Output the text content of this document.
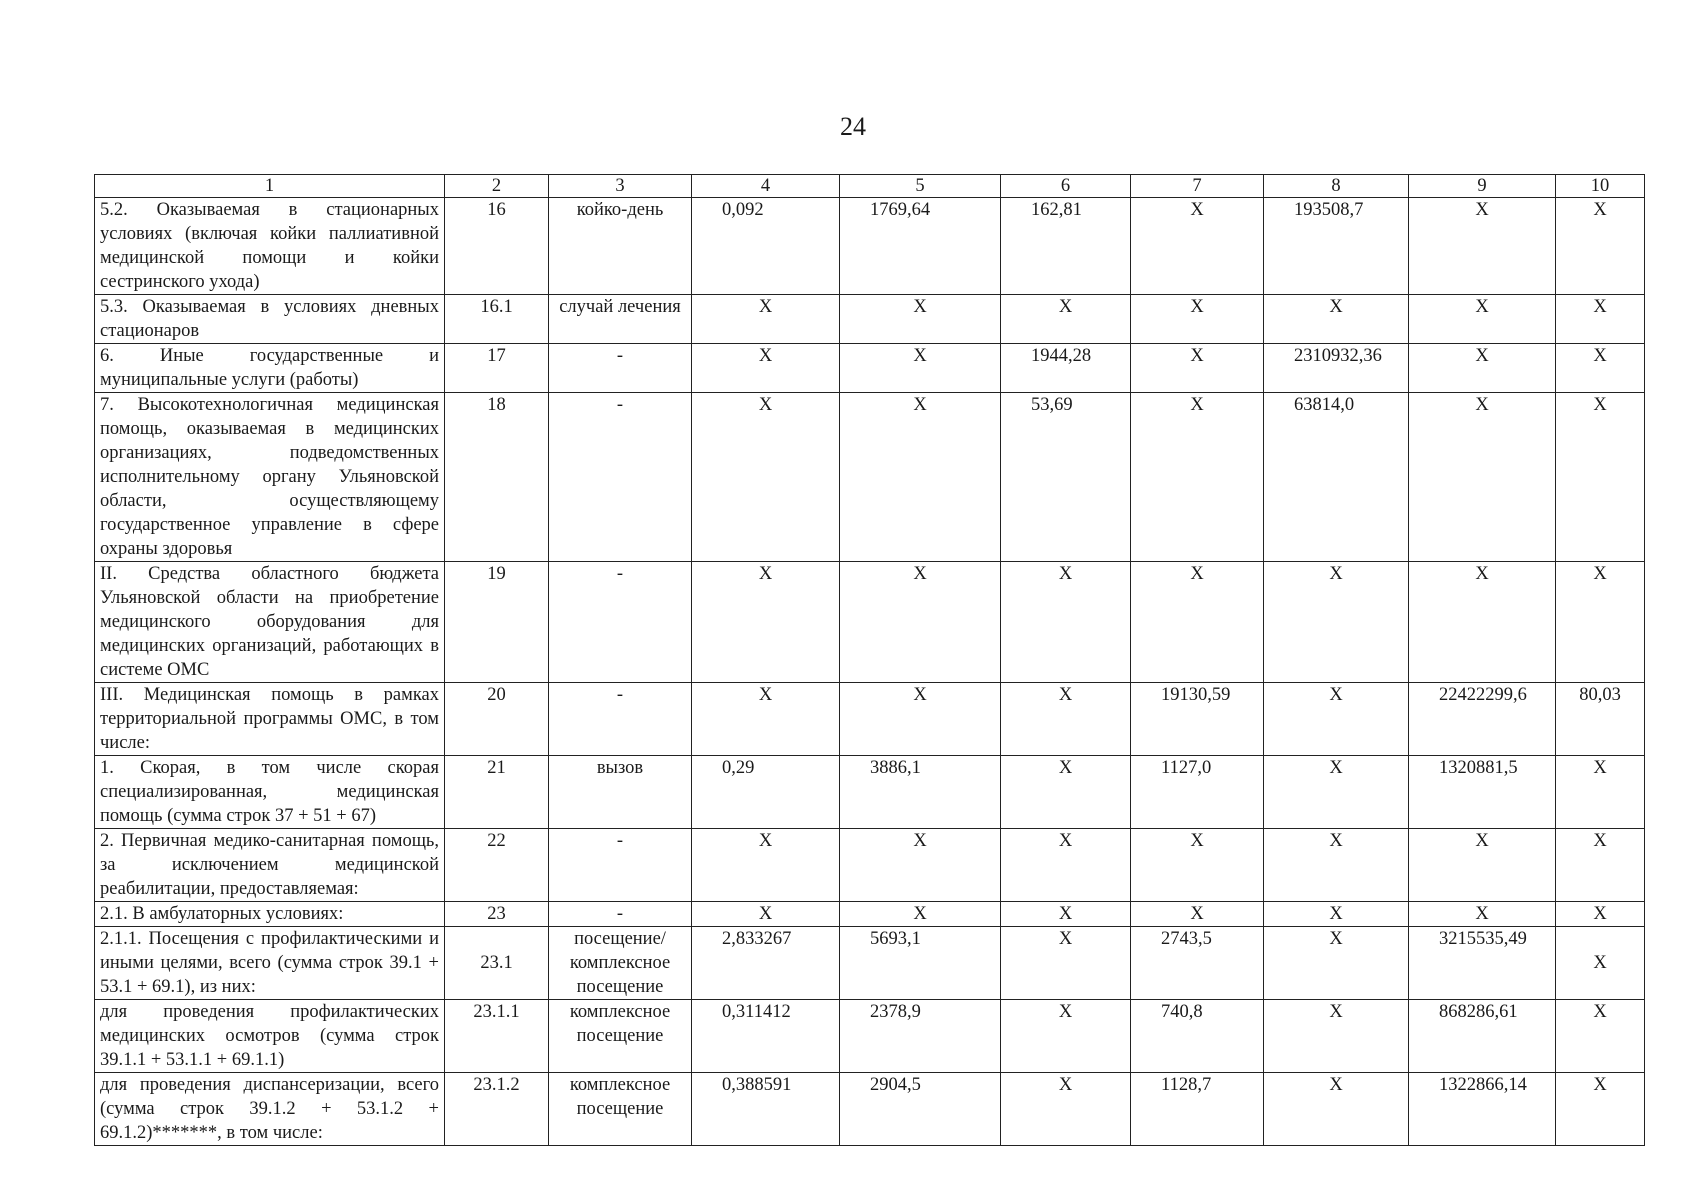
24
1	2	3	4	5	6	7	8	9	10
5.2. Оказываемая в стационарных условиях (включая койки паллиативной медицинской помощи и койки сестринского ухода)	16	койко-день	0,092	1769,64	162,81	Х	193508,7	Х	Х
5.3. Оказываемая в условиях дневных стационаров	16.1	случай лечения	Х	Х	Х	Х	Х	Х	Х
6. Иные государственные и муниципальные услуги (работы)	17	-	Х	Х	1944,28	Х	2310932,36	Х	Х
7. Высокотехнологичная медицинская помощь, оказываемая в медицинских организациях, подведомственных исполнительному органу Ульяновской области, осуществляющему государственное управление в сфере охраны здоровья	18	-	Х	Х	53,69	Х	63814,0	Х	Х
II. Средства областного бюджета Ульяновской области на приобретение медицинского оборудования для медицинских организаций, работающих в системе ОМС	19	-	Х	Х	Х	Х	Х	Х	Х
III. Медицинская помощь в рамках территориальной программы ОМС, в том числе:	20	-	Х	Х	Х	19130,59	Х	22422299,6	80,03
1. Скорая, в том числе скорая специализированная, медицинская помощь (сумма строк 37 + 51 + 67)	21	вызов	0,29	3886,1	Х	1127,0	Х	1320881,5	Х
2. Первичная медико-санитарная помощь, за исключением медицинской реабилитации, предоставляемая:	22	-	Х	Х	Х	Х	Х	Х	Х
2.1. В амбулаторных условиях:	23	-	Х	Х	Х	Х	Х	Х	Х
2.1.1. Посещения с профилактическими и иными целями, всего (сумма строк 39.1 + 53.1 + 69.1), из них:	23.1	посещение/ комплексное посещение	2,833267	5693,1	Х	2743,5	Х	3215535,49	Х
для проведения профилактических медицинских осмотров (сумма строк 39.1.1 + 53.1.1 + 69.1.1)	23.1.1	комплексное посещение	0,311412	2378,9	Х	740,8	Х	868286,61	Х
для проведения диспансеризации, всего (сумма строк 39.1.2 + 53.1.2 + 69.1.2)*******, в том числе:	23.1.2	комплексное посещение	0,388591	2904,5	Х	1128,7	Х	1322866,14	Х
